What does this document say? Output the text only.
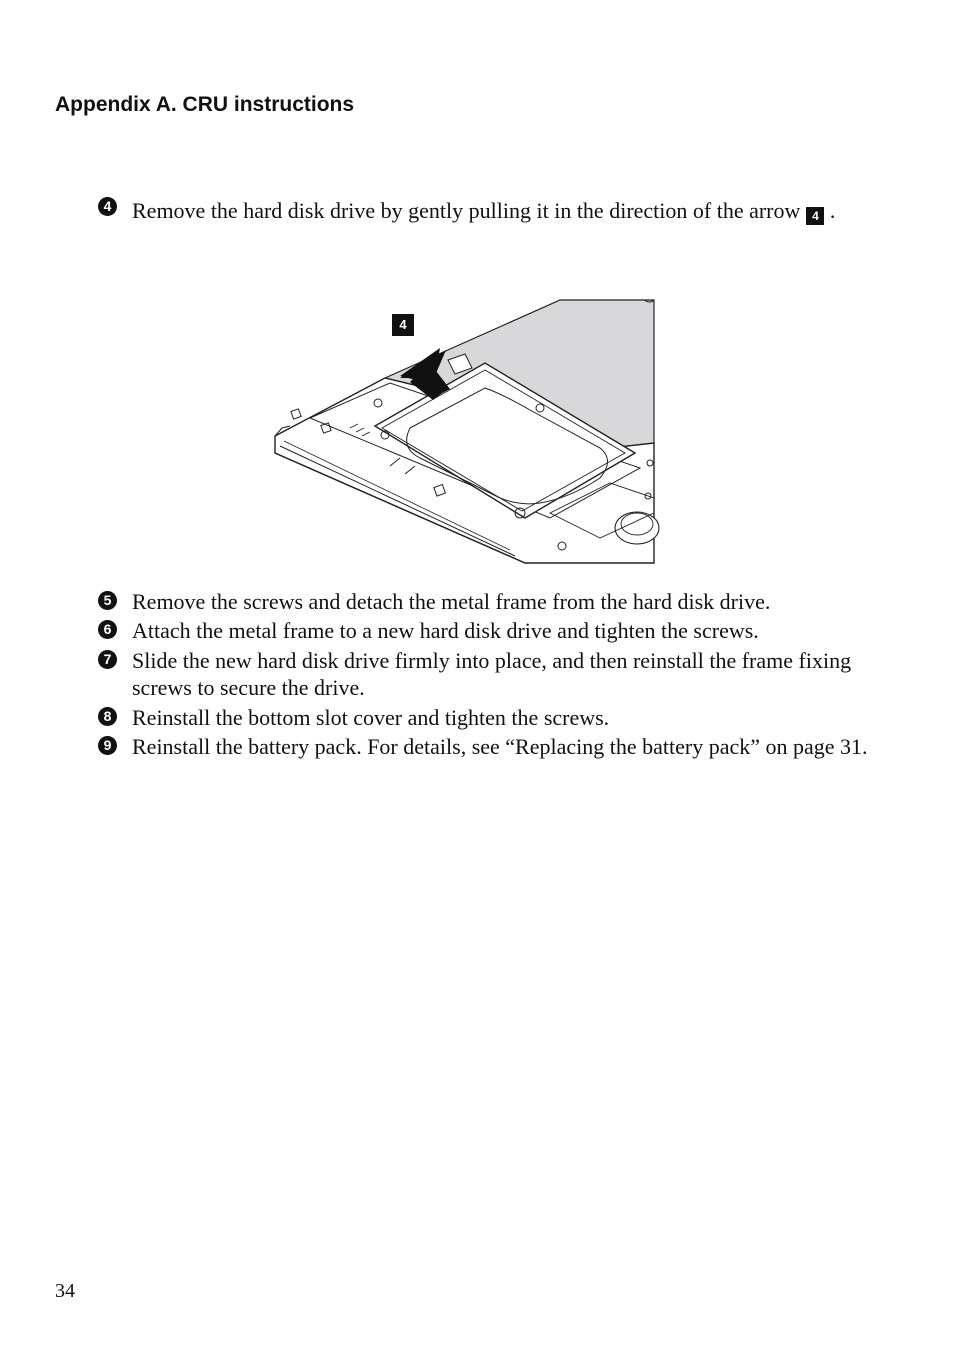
Appendix A. CRU instructions
4 Remove the hard disk drive by gently pulling it in the direction of the arrow 4 .
4
5 Remove the screws and detach the metal frame from the hard disk drive.
6 Attach the metal frame to a new hard disk drive and tighten the screws.
7 Slide the new hard disk drive firmly into place, and then reinstall the frame fixing screws to secure the drive.
8 Reinstall the bottom slot cover and tighten the screws.
9 Reinstall the battery pack. For details, see “Replacing the battery pack” on page 31.
34
